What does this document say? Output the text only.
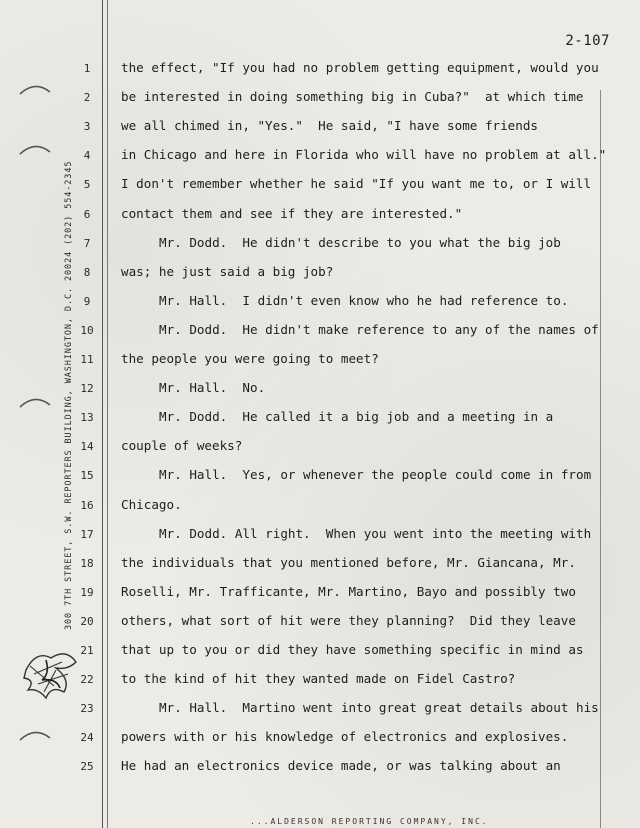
2-107
300 7TH STREET, S.W. REPORTERS BUILDING, WASHINGTON, D.C. 20024 (202) 554-2345
1
2
3
4
5
6
7
8
9
10
11
12
13
14
15
16
17
18
19
20
21
22
23
24
25
the effect, "If you had no problem getting equipment, would you
be interested in doing something big in Cuba?"  at which time
we all chimed in, "Yes."  He said, "I have some friends
in Chicago and here in Florida who will have no problem at all."
I don't remember whether he said "If you want me to, or I will
contact them and see if they are interested."
Mr. Dodd.  He didn't describe to you what the big job
was; he just said a big job?
Mr. Hall.  I didn't even know who he had reference to.
Mr. Dodd.  He didn't make reference to any of the names of
the people you were going to meet?
Mr. Hall.  No.
Mr. Dodd.  He called it a big job and a meeting in a
couple of weeks?
Mr. Hall.  Yes, or whenever the people could come in from
Chicago.
Mr. Dodd. All right.  When you went into the meeting with
the individuals that you mentioned before, Mr. Giancana, Mr.
Roselli, Mr. Trafficante, Mr. Martino, Bayo and possibly two
others, what sort of hit were they planning?  Did they leave
that up to you or did they have something specific in mind as
to the kind of hit they wanted made on Fidel Castro?
Mr. Hall.  Martino went into great great details about his
powers with or his knowledge of electronics and explosives.
He had an electronics device made, or was talking about an
...ALDERSON REPORTING COMPANY, INC.
